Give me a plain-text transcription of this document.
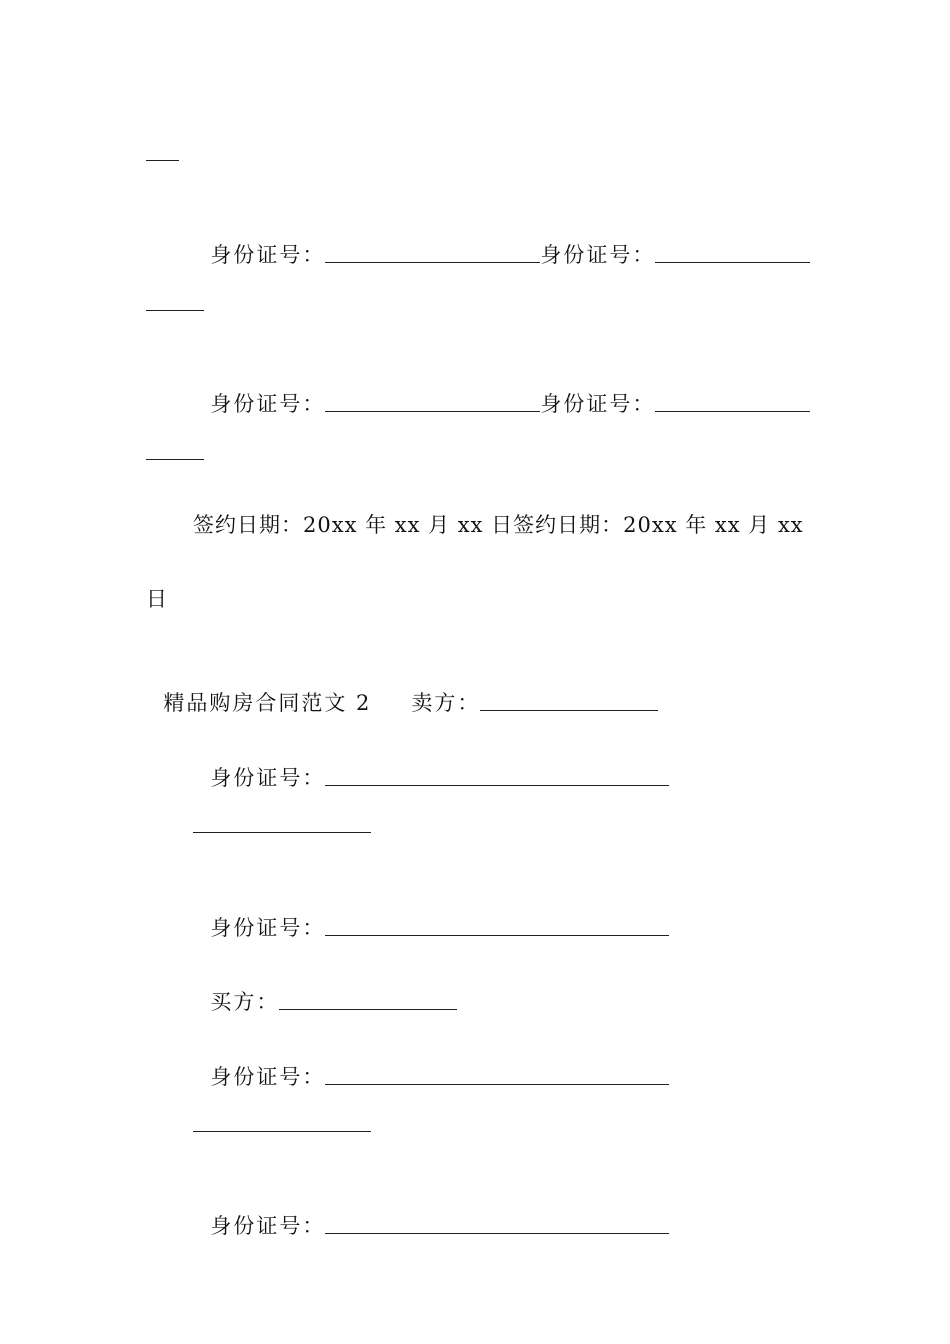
身份证号：	身份证号：

身份证号：	身份证号：

签约日期：20xx 年 xx 月 xx 日签约日期：20xx 年 xx 月 xx
日

精品购房合同范文 2 卖方：

身份证号：

身份证号：

买方：

身份证号：

身份证号：
